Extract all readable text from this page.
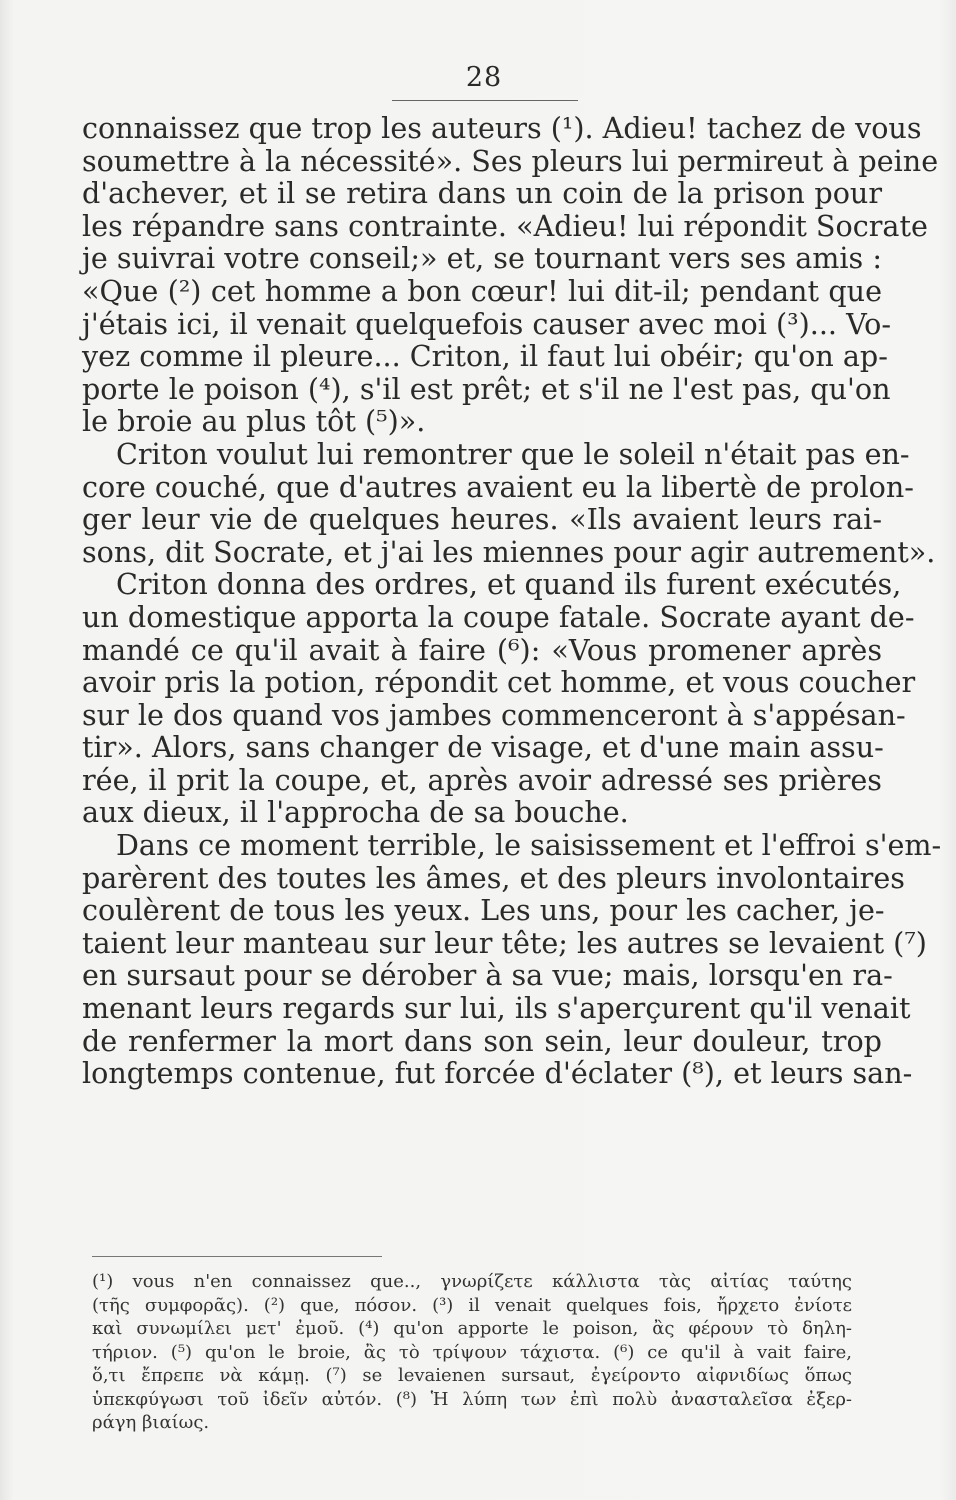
28
connaissez que trop les auteurs (¹). Adieu! tachez de vous
soumettre à la nécessité». Ses pleurs lui permireut à peine
d'achever, et il se retira dans un coin de la prison pour
les répandre sans contrainte. «Adieu! lui répondit Socrate
je suivrai votre conseil;» et, se tournant vers ses amis :
«Que (²) cet homme a bon cœur! lui dit-il; pendant que
j'étais ici, il venait quelquefois causer avec moi (³)... Vo-
yez comme il pleure... Criton, il faut lui obéir; qu'on ap-
porte le poison (⁴), s'il est prêt; et s'il ne l'est pas, qu'on
le broie au plus tôt (⁵)».
Criton voulut lui remontrer que le soleil n'était pas en-
core couché, que d'autres avaient eu la libertè de prolon-
ger leur vie de quelques heures. «Ils avaient leurs rai-
sons, dit Socrate, et j'ai les miennes pour agir autrement».
Criton donna des ordres, et quand ils furent exécutés,
un domestique apporta la coupe fatale. Socrate ayant de-
mandé ce qu'il avait à faire (⁶): «Vous promener après
avoir pris la potion, répondit cet homme, et vous coucher
sur le dos quand vos jambes commenceront à s'appésan-
tir». Alors, sans changer de visage, et d'une main assu-
rée, il prit la coupe, et, après avoir adressé ses prières
aux dieux, il l'approcha de sa bouche.
Dans ce moment terrible, le saisissement et l'effroi s'em-
parèrent des toutes les âmes, et des pleurs involontaires
coulèrent de tous les yeux. Les uns, pour les cacher, je-
taient leur manteau sur leur tête; les autres se levaient (⁷)
en sursaut pour se dérober à sa vue; mais, lorsqu'en ra-
menant leurs regards sur lui, ils s'aperçurent qu'il venait
de renfermer la mort dans son sein, leur douleur, trop
longtemps contenue, fut forcée d'éclater (⁸), et leurs san-
(¹) vous n'en connaissez que.., γνωρίζετε κάλλιστα τὰς αἰτίας ταύτης
(τῆς συμφορᾶς). (²) que, πόσον. (³) il venait quelques fois, ἤρχετο ἐνίοτε
καὶ συνωμίλει μετ' ἐμοῦ. (⁴) qu'on apporte le poison, ἂς φέρουν τὸ δηλη-
τήριον. (⁵) qu'on le broie, ἂς τὸ τρίψουν τάχιστα. (⁶) ce qu'il à vait faire,
ὅ,τι ἔπρεπε νὰ κάμῃ. (⁷) se levaienen sursaut, ἐγείροντο αἰφνιδίως ὅπως
ὑπεκφύγωσι τοῦ ἰδεῖν αὐτόν. (⁸) Ἡ λύπη των ἐπὶ πολὺ ἀνασταλεῖσα ἐξερ-
ράγη βιαίως.
